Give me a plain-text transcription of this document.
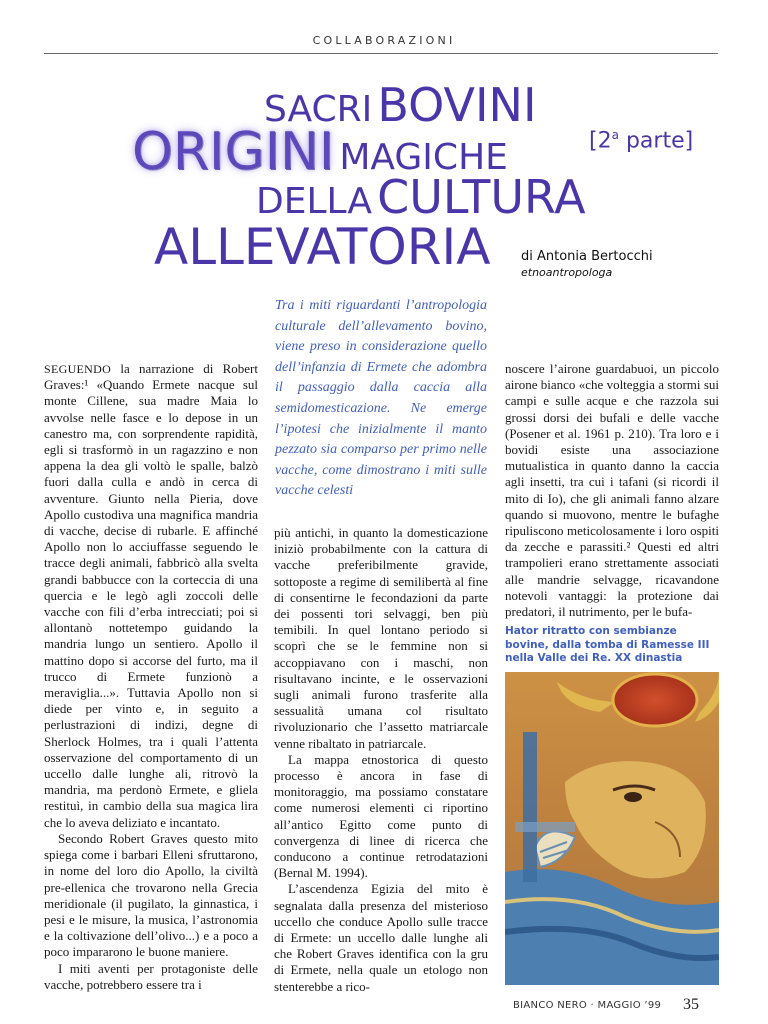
COLLABORAZIONI
SACRI BOVINI
ORIGINI MAGICHE
DELLA CULTURA
ALLEVATORIA
[2$^a$ parte]
di Antonia Bertocchi
etnoantropologa
Tra i miti riguardanti l’antropologia culturale dell’allevamento bovino, viene preso in considerazione quello dell’infanzia di Ermete che adombra il passaggio dalla caccia alla semidomesticazione. Ne emerge l’ipotesi che inizialmente il manto pezzato sia comparso per primo nelle vacche, come dimostrano i miti sulle vacche celesti

SEGUENDO la narrazione di Robert Graves:¹ «Quando Ermete nacque sul monte Cillene, sua madre Maia lo avvolse nelle fasce e lo depose in un canestro ma, con sorprendente rapidità, egli si trasformò in un ragazzino e non appena la dea gli voltò le spalle, balzò fuori dalla culla e andò in cerca di avventure. Giunto nella Pieria, dove Apollo custodiva una magnifica mandria di vacche, decise di rubarle. E affinché Apollo non lo acciuffasse seguendo le tracce degli animali, fabbricò alla svelta grandi babbucce con la corteccia di una quercia e le legò agli zoccoli delle vacche con fili d’erba intrecciati; poi si allontanò nottetempo guidando la mandria lungo un sentiero. Apollo il mattino dopo si accorse del furto, ma il trucco di Ermete funzionò a meraviglia...». Tuttavia Apollo non si diede per vinto e, in seguito a perlustrazioni di indizi, degne di Sherlock Holmes, tra i quali l’attenta osservazione del comportamento di un uccello dalle lunghe ali, ritrovò la mandria, ma perdonò Ermete, e gliela restituì, in cambio della sua magica lira che lo aveva deliziato e incantato.

Secondo Robert Graves questo mito spiega come i barbari Elleni sfruttarono, in nome del loro dio Apollo, la civiltà pre-ellenica che trovarono nella Grecia meridionale (il pugilato, la ginnastica, i pesi e le misure, la musica, l’astronomia e la coltivazione dell’olivo...) e a poco a poco impararono le buone maniere.

I miti aventi per protagoniste delle vacche, potrebbero essere tra i

più antichi, in quanto la domesticazione iniziò probabilmente con la cattura di vacche preferibilmente gravide, sottoposte a regime di semilibertà al fine di consentirne le fecondazioni da parte dei possenti tori selvaggi, ben più temibili. In quel lontano periodo si scoprì che se le femmine non si accoppiavano con i maschi, non risultavano incinte, e le osservazioni sugli animali furono trasferite alla sessualità umana col risultato rivoluzionario che l’assetto matriarcale venne ribaltato in patriarcale.

La mappa etnostorica di questo processo è ancora in fase di monitoraggio, ma possiamo constatare come numerosi elementi ci riportino all’antico Egitto come punto di convergenza di linee di ricerca che conducono a continue retrodatazioni (Bernal M. 1994).

L’ascendenza Egizia del mito è segnalata dalla presenza del misterioso uccello che conduce Apollo sulle tracce di Ermete: un uccello dalle lunghe ali che Robert Graves identifica con la gru di Ermete, nella quale un etologo non stenterebbe a rico-

noscere l’airone guardabuoi, un piccolo airone bianco «che volteggia a stormi sui campi e sulle acque e che razzola sui grossi dorsi dei bufali e delle vacche (Posener et al. 1961 p. 210). Tra loro e i bovidi esiste una associazione mutualistica in quanto danno la caccia agli insetti, tra cui i tafani (si ricordi il mito di Io), che gli animali fanno alzare quando si muovono, mentre le bufaghe ripuliscono meticolosamente i loro ospiti da zecche e parassiti.² Questi ed altri trampolieri erano strettamente associati alle mandrie selvagge, ricavandone notevoli vantaggi: la protezione dai predatori, il nutrimento, per le bufa-

Hator ritratto con sembianze bovine, dalla tomba di Ramesse III nella Valle dei Re. XX dinastia
BIANCO NERO · MAGGIO ’99 35
